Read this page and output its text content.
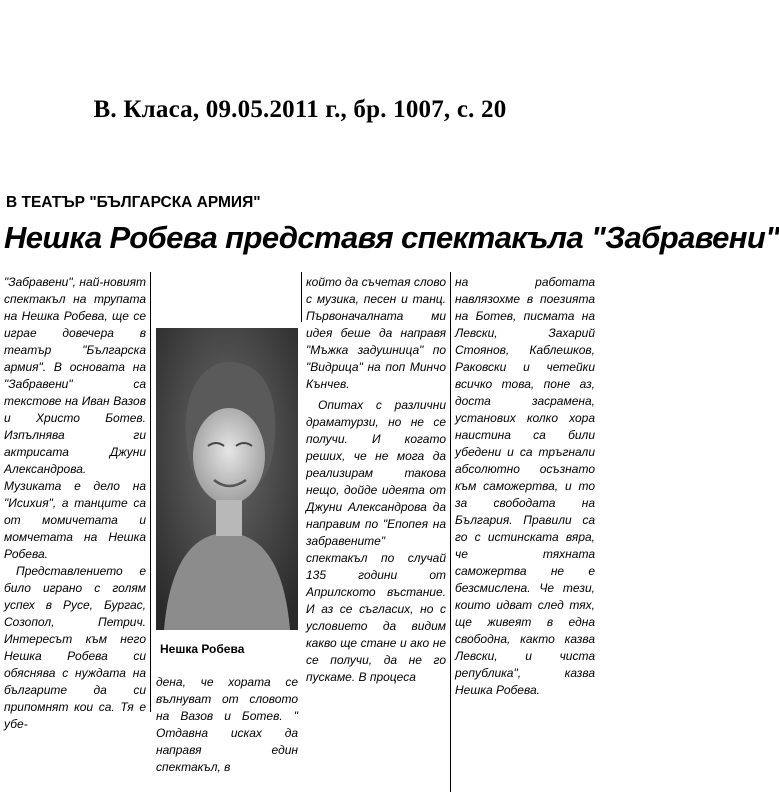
В. Класа, 09.05.2011 г., бр. 1007, с. 20
В ТЕАТЪР "БЪЛГАРСКА АРМИЯ"
Нешка Робева представя спектакъла "Забравени"

"Забравени", най-новият спектакъл на трупата на Нешка Робева, ще се играе довечера в театър "Българска армия". В основата на "Забравени" са текстове на Иван Вазов и Христо Ботев. Изпълнява ги актрисата Джуни Александрова. Музиката е дело на "Исихия", а танците са от момичетата и момчетата на Нешка Робева.

Представлението е било играно с голям успех в Русе, Бургас, Созопол, Петрич. Интересът към него Нешка Робева си обяснява с нуждата на българите да си припомнят кои са. Тя е убе-

Нешка Робева

дена, че хората се вълнуват от словото на Вазов и Ботев. " Отдавна исках да направя един спектакъл, в

който да съчетая слово с музика, песен и танц. Първоначалната ми идея беше да направя "Мъжка задушница" по "Видрица" на поп Минчо Кънчев.

Опитах с различни драматурзи, но не се получи. И когато реших, че не мога да реализирам такова нещо, дойде идеята от Джуни Александрова да направим по "Епопея на забравените" спектакъл по случай 135 години от Априлското въстание. И аз се съгласих, но с условието да видим какво ще стане и ако не се получи, да не го пускаме. В процеса

на работата навлязохме в поезията на Ботев, писмата на Левски, Захарий Стоянов, Каблешков, Раковски и четейки всичко това, поне аз, доста засрамена, установих колко хора наистина са били убедени и са тръгнали абсолютно осъзнато към саможертва, и то за свободата на България. Правили са го с истинската вяра, че тяхната саможертва не е безсмислена. Че тези, които идват след тях, ще живеят в една свободна, както казва Левски, и чиста република", казва Нешка Робева.
